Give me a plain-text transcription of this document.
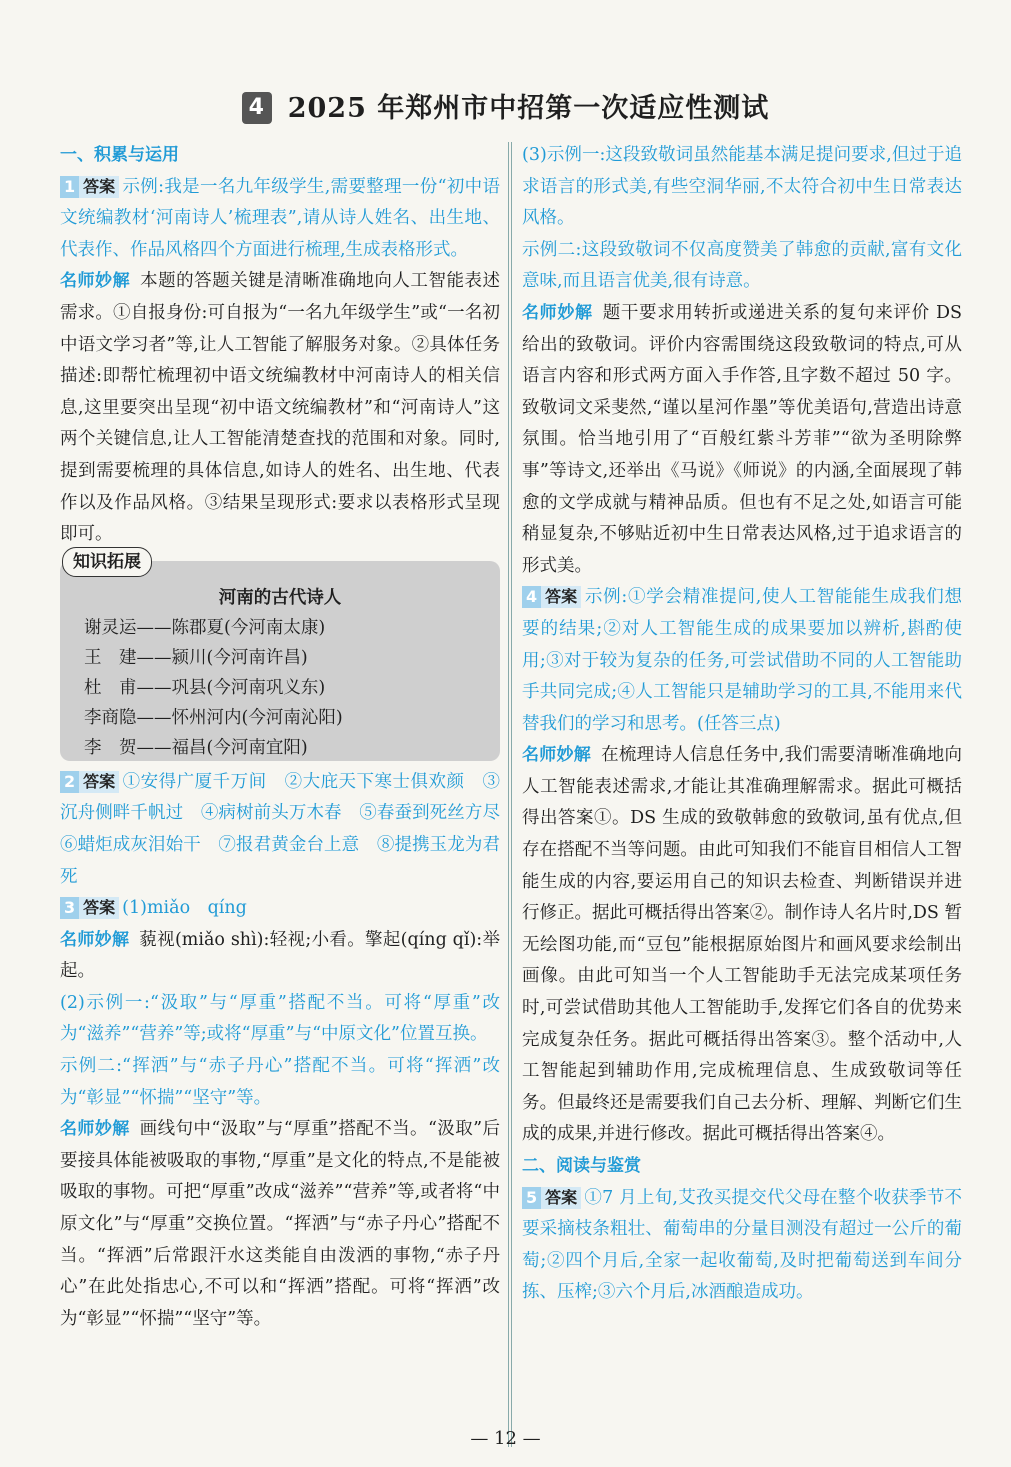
4 2025 年郑州市中招第一次适应性测试

一、积累与运用

1 答案 示例:我是一名九年级学生,需要整理一份“初中语文统编教材‘河南诗人’梳理表”,请从诗人姓名、出生地、代表作、作品风格四个方面进行梳理,生成表格形式。

名师妙解 本题的答题关键是清晰准确地向人工智能表述需求。①自报身份:可自报为“一名九年级学生”或“一名初中语文学习者”等,让人工智能了解服务对象。②具体任务描述:即帮忙梳理初中语文统编教材中河南诗人的相关信息,这里要突出呈现“初中语文统编教材”和“河南诗人”这两个关键信息,让人工智能清楚查找的范围和对象。同时,提到需要梳理的具体信息,如诗人的姓名、出生地、代表作以及作品风格。③结果呈现形式:要求以表格形式呈现即可。

知识拓展
河南的古代诗人
谢灵运——陈郡夏(今河南太康)
王　建——颍川(今河南许昌)
杜　甫——巩县(今河南巩义东)
李商隐——怀州河内(今河南沁阳)
李　贺——福昌(今河南宜阳)

2 答案 ①安得广厦千万间　②大庇天下寒士俱欢颜　③沉舟侧畔千帆过　④病树前头万木春　⑤春蚕到死丝方尽　⑥蜡炬成灰泪始干　⑦报君黄金台上意　⑧提携玉龙为君死

3 答案 (1)miǎo　qíng

名师妙解 藐视(miǎo shì):轻视;小看。擎起(qíng qǐ):举起。

(2)示例一:“汲取”与“厚重”搭配不当。可将“厚重”改为“滋养”“营养”等;或将“厚重”与“中原文化”位置互换。

示例二:“挥洒”与“赤子丹心”搭配不当。可将“挥洒”改为“彰显”“怀揣”“坚守”等。

名师妙解 画线句中“汲取”与“厚重”搭配不当。“汲取”后要接具体能被吸取的事物,“厚重”是文化的特点,不是能被吸取的事物。可把“厚重”改成“滋养”“营养”等,或者将“中原文化”与“厚重”交换位置。“挥洒”与“赤子丹心”搭配不当。“挥洒”后常跟汗水这类能自由泼洒的事物,“赤子丹心”在此处指忠心,不可以和“挥洒”搭配。可将“挥洒”改为“彰显”“怀揣”“坚守”等。

(3)示例一:这段致敬词虽然能基本满足提问要求,但过于追求语言的形式美,有些空洞华丽,不太符合初中生日常表达风格。

示例二:这段致敬词不仅高度赞美了韩愈的贡献,富有文化意味,而且语言优美,很有诗意。

名师妙解 题干要求用转折或递进关系的复句来评价 DS 给出的致敬词。评价内容需围绕这段致敬词的特点,可从语言内容和形式两方面入手作答,且字数不超过 50 字。致敬词文采斐然,“谨以星河作墨”等优美语句,营造出诗意氛围。恰当地引用了“百般红紫斗芳菲”“欲为圣明除弊事”等诗文,还举出《马说》《师说》的内涵,全面展现了韩愈的文学成就与精神品质。但也有不足之处,如语言可能稍显复杂,不够贴近初中生日常表达风格,过于追求语言的形式美。

4 答案 示例:①学会精准提问,使人工智能能生成我们想要的结果;②对人工智能生成的成果要加以辨析,斟酌使用;③对于较为复杂的任务,可尝试借助不同的人工智能助手共同完成;④人工智能只是辅助学习的工具,不能用来代替我们的学习和思考。(任答三点)

名师妙解 在梳理诗人信息任务中,我们需要清晰准确地向人工智能表述需求,才能让其准确理解需求。据此可概括得出答案①。DS 生成的致敬韩愈的致敬词,虽有优点,但存在搭配不当等问题。由此可知我们不能盲目相信人工智能生成的内容,要运用自己的知识去检查、判断错误并进行修正。据此可概括得出答案②。制作诗人名片时,DS 暂无绘图功能,而“豆包”能根据原始图片和画风要求绘制出画像。由此可知当一个人工智能助手无法完成某项任务时,可尝试借助其他人工智能助手,发挥它们各自的优势来完成复杂任务。据此可概括得出答案③。整个活动中,人工智能起到辅助作用,完成梳理信息、生成致敬词等任务。但最终还是需要我们自己去分析、理解、判断它们生成的成果,并进行修改。据此可概括得出答案④。

二、阅读与鉴赏

5 答案 ①7 月上旬,艾孜买提交代父母在整个收获季节不要采摘枝条粗壮、葡萄串的分量目测没有超过一公斤的葡萄;②四个月后,全家一起收葡萄,及时把葡萄送到车间分拣、压榨;③六个月后,冰酒酿造成功。

— 12 —
